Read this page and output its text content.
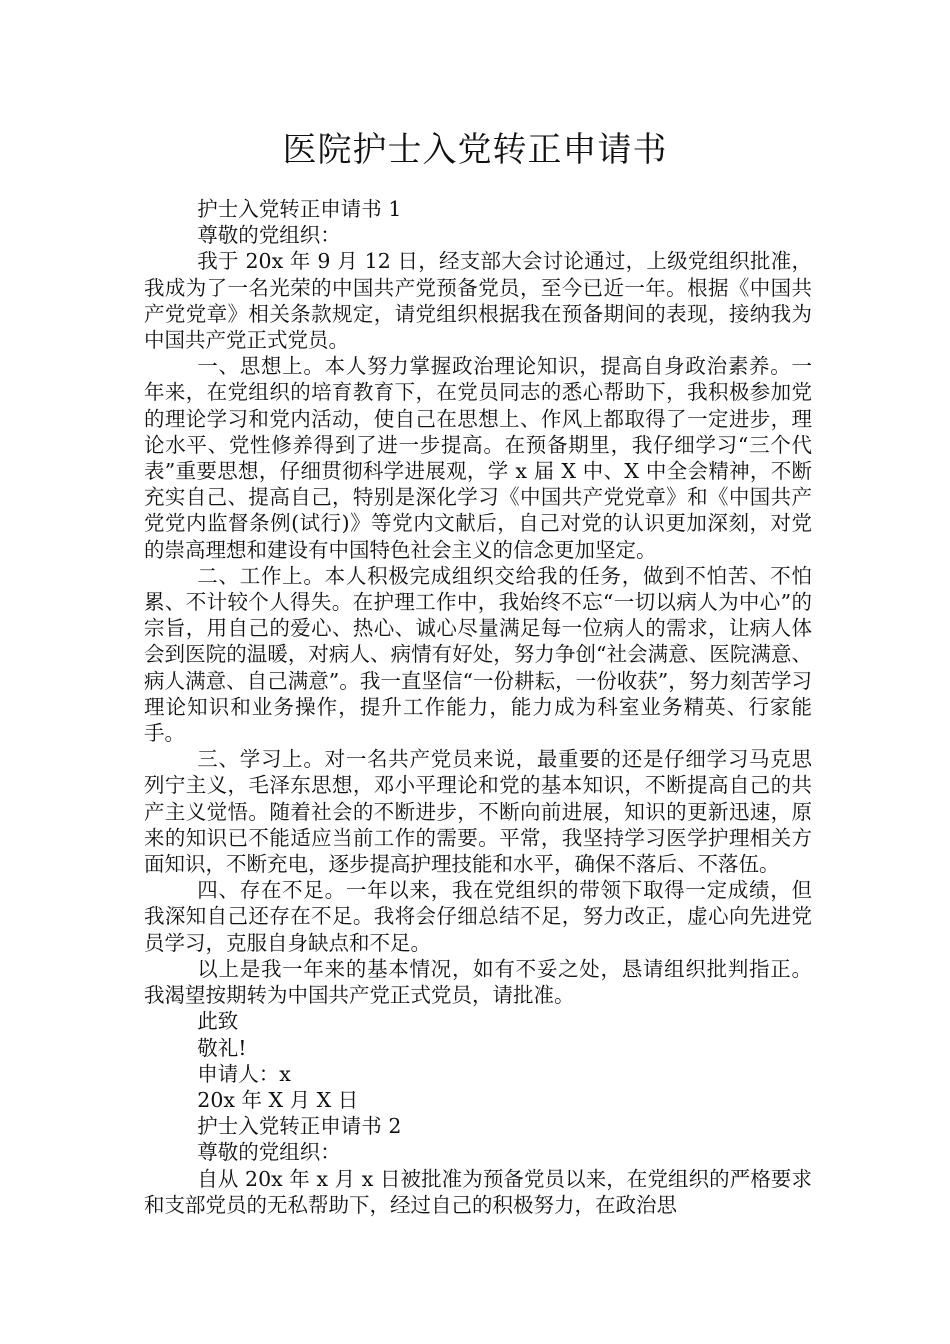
医院护士入党转正申请书

护士入党转正申请书 1

尊敬的党组织：

我于 20x 年 9 月 12 日，经支部大会讨论通过，上级党组织批准，我成为了一名光荣的中国共产党预备党员，至今已近一年。根据《中国共产党党章》相关条款规定，请党组织根据我在预备期间的表现，接纳我为中国共产党正式党员。

一、思想上。本人努力掌握政治理论知识，提高自身政治素养。一年来，在党组织的培育教育下，在党员同志的悉心帮助下，我积极参加党的理论学习和党内活动，使自己在思想上、作风上都取得了一定进步，理论水平、党性修养得到了进一步提高。在预备期里，我仔细学习“三个代表”重要思想，仔细贯彻科学进展观，学 x 届 X 中、X 中全会精神，不断充实自己、提高自己，特别是深化学习《中国共产党党章》和《中国共产党党内监督条例(试行)》等党内文献后，自己对党的认识更加深刻，对党的崇高理想和建设有中国特色社会主义的信念更加坚定。

二、工作上。本人积极完成组织交给我的任务，做到不怕苦、不怕累、不计较个人得失。在护理工作中，我始终不忘“一切以病人为中心”的宗旨，用自己的爱心、热心、诚心尽量满足每一位病人的需求，让病人体会到医院的温暖，对病人、病情有好处，努力争创“社会满意、医院满意、病人满意、自己满意”。我一直坚信“一份耕耘，一份收获”，努力刻苦学习理论知识和业务操作，提升工作能力，能力成为科室业务精英、行家能手。

三、学习上。对一名共产党员来说，最重要的还是仔细学习马克思列宁主义，毛泽东思想，邓小平理论和党的基本知识，不断提高自己的共产主义觉悟。随着社会的不断进步，不断向前进展，知识的更新迅速，原来的知识已不能适应当前工作的需要。平常，我坚持学习医学护理相关方面知识，不断充电，逐步提高护理技能和水平，确保不落后、不落伍。

四、存在不足。一年以来，我在党组织的带领下取得一定成绩，但我深知自己还存在不足。我将会仔细总结不足，努力改正，虚心向先进党员学习，克服自身缺点和不足。

以上是我一年来的基本情况，如有不妥之处，恳请组织批判指正。我渴望按期转为中国共产党正式党员，请批准。

此致

敬礼!

申请人：x

20x 年 X 月 X 日

护士入党转正申请书 2

尊敬的党组织：

自从 20x 年 x 月 x 日被批准为预备党员以来，在党组织的严格要求和支部党员的无私帮助下，经过自己的积极努力，在政治思
